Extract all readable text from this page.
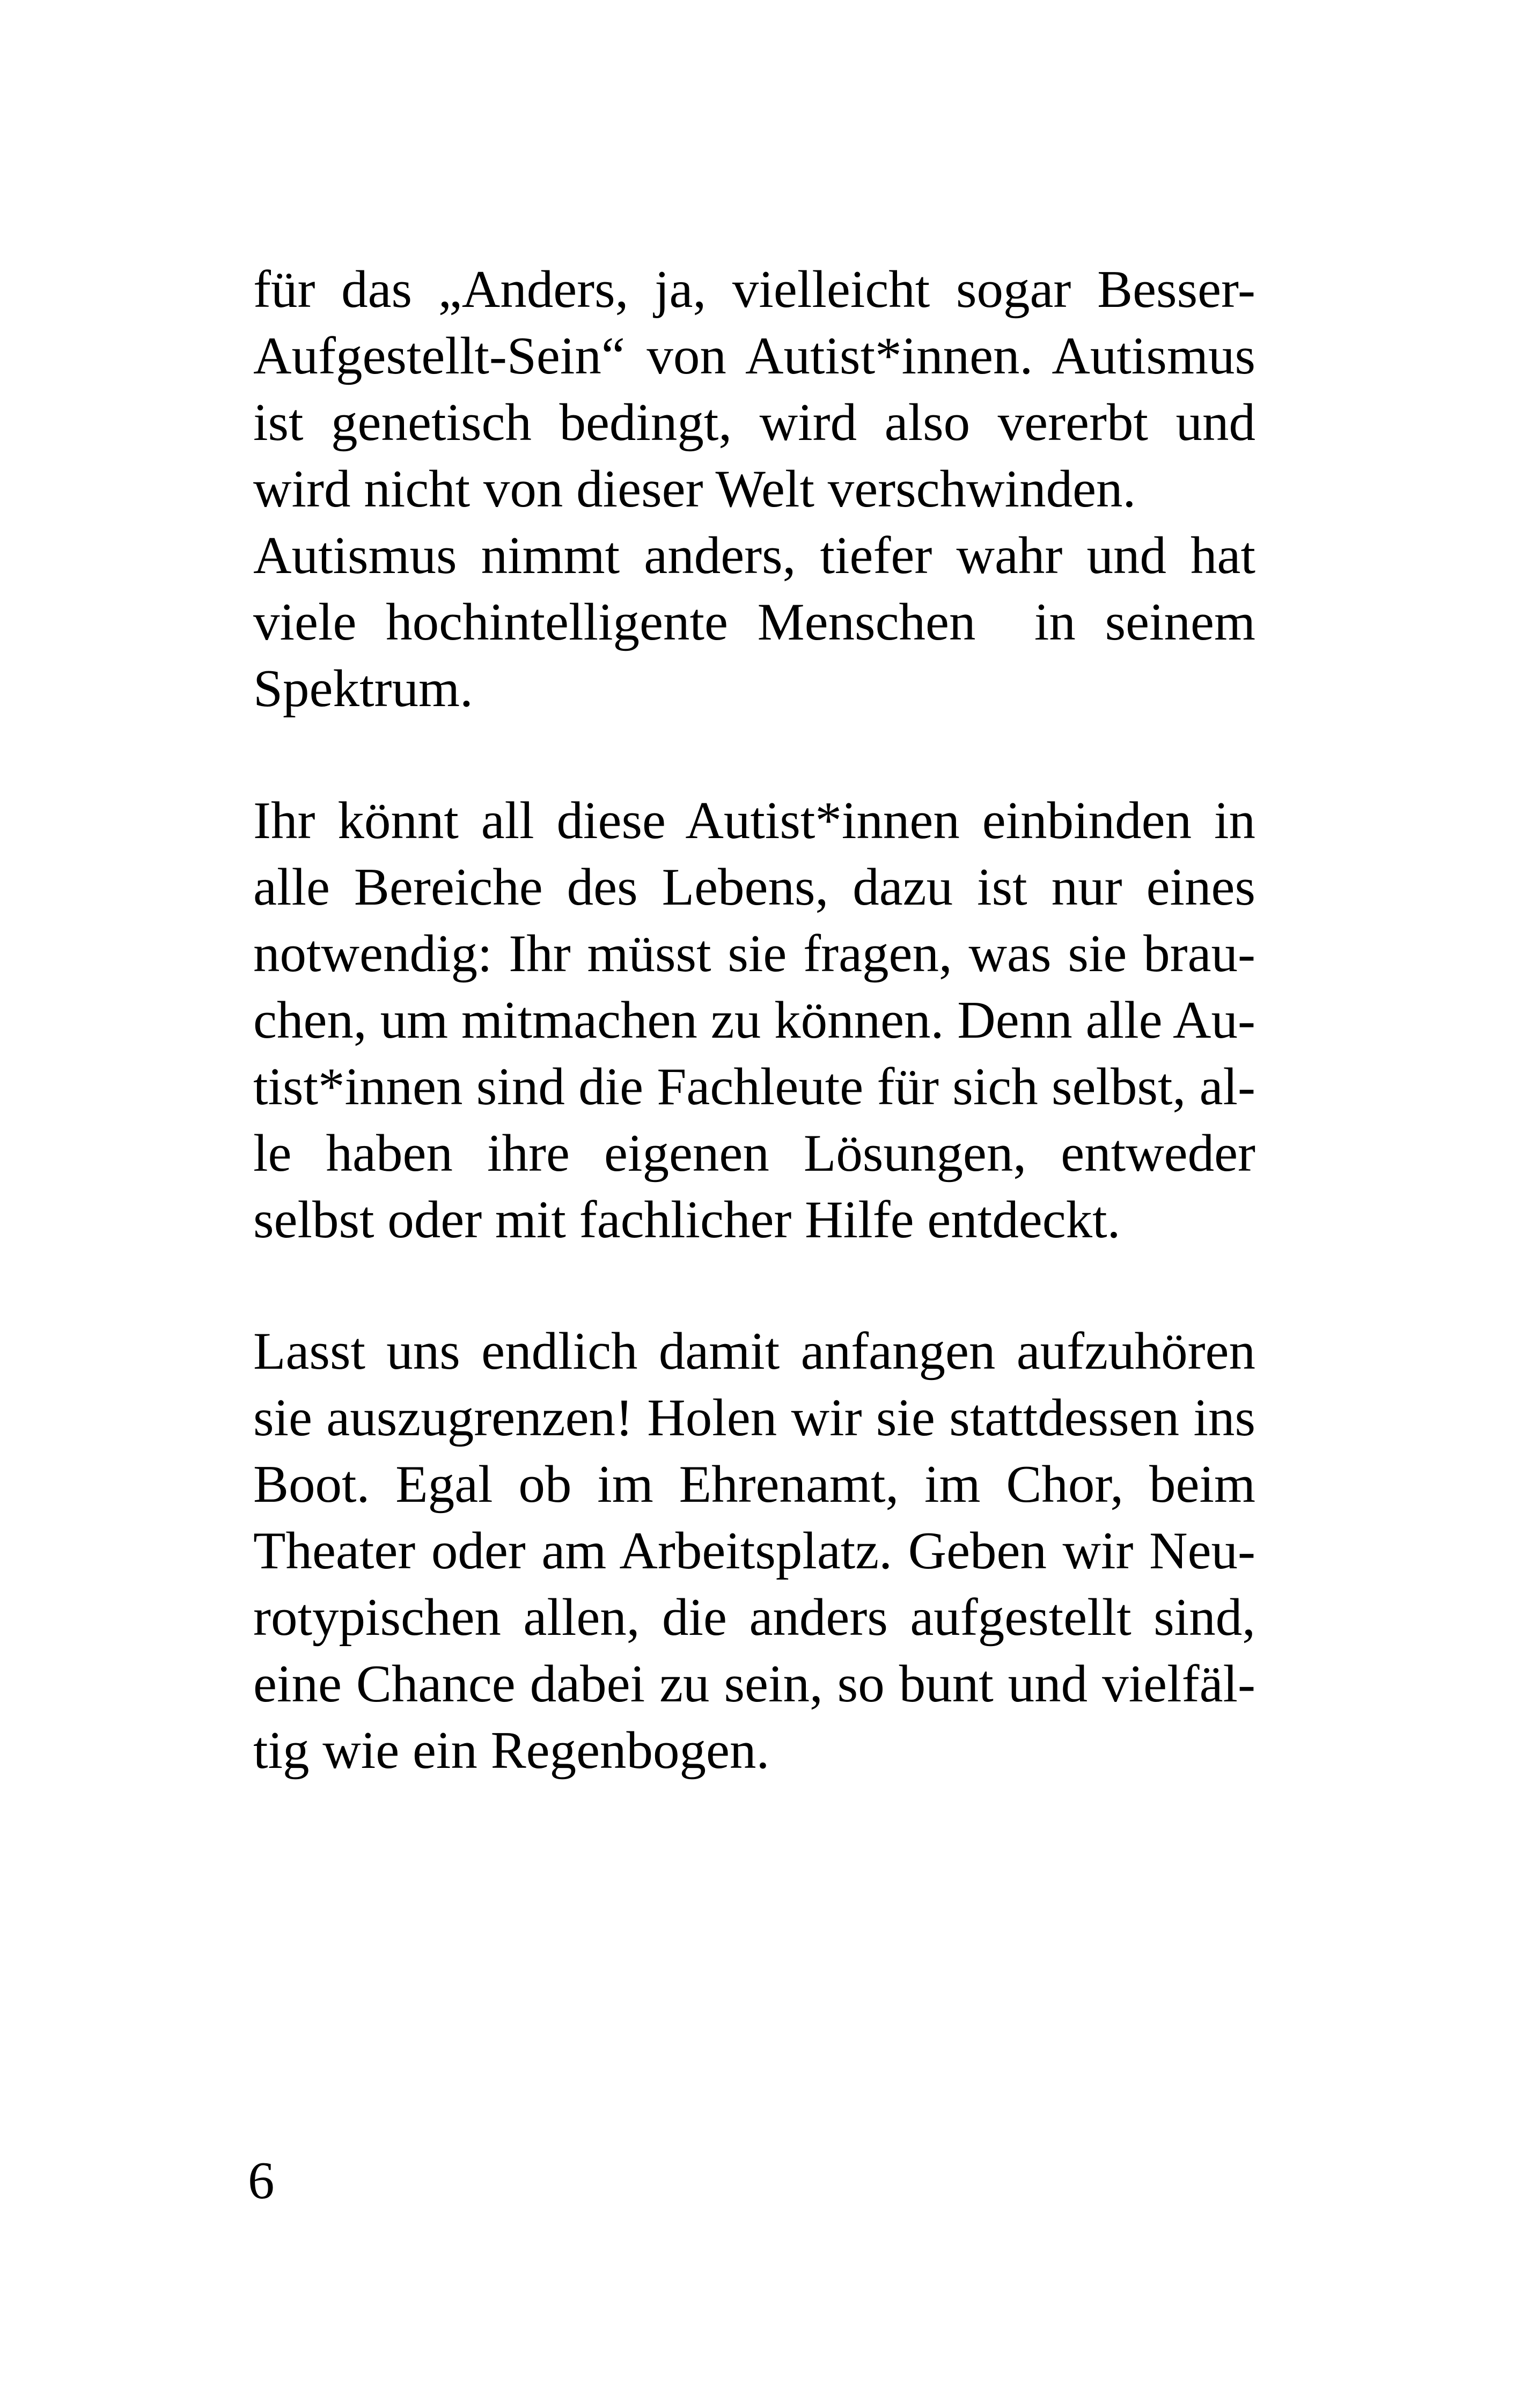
für das „Anders, ja, vielleicht sogar Besser-
Aufgestellt-Sein“ von Autist*innen. Autismus
ist genetisch bedingt, wird also vererbt und
wird nicht von dieser Welt verschwinden.
Autismus nimmt anders, tiefer wahr und hat
viele hochintelligente Menschen  in seinem
Spektrum.
Ihr könnt all diese Autist*innen einbinden in
alle Bereiche des Lebens, dazu ist nur eines
notwendig: Ihr müsst sie fragen, was sie brau-
chen, um mitmachen zu können. Denn alle Au-
tist*innen sind die Fachleute für sich selbst, al-
le haben ihre eigenen Lösungen, entweder
selbst oder mit fachlicher Hilfe entdeckt.
Lasst uns endlich damit anfangen aufzuhören
sie auszugrenzen! Holen wir sie stattdessen ins
Boot. Egal ob im Ehrenamt, im Chor, beim
Theater oder am Arbeitsplatz. Geben wir Neu-
rotypischen allen, die anders aufgestellt sind,
eine Chance dabei zu sein, so bunt und vielfäl-
tig wie ein Regenbogen.
6
